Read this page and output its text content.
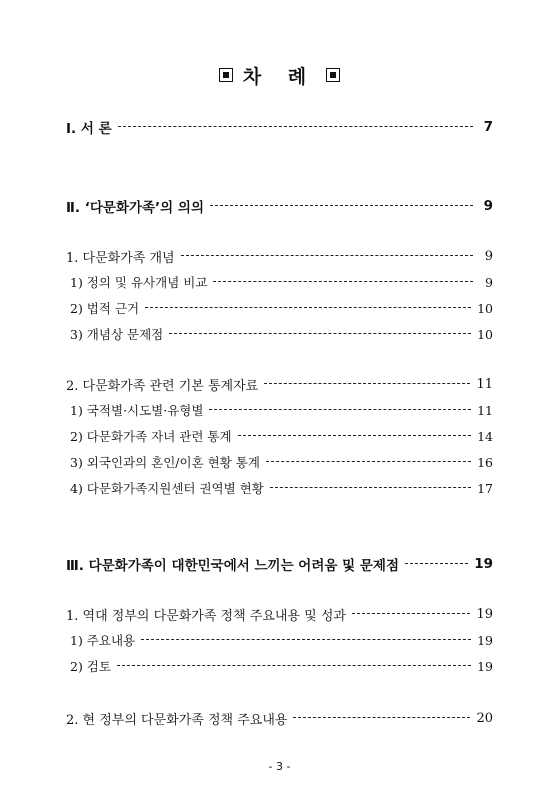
차 례
Ⅰ. 서 론	7
Ⅱ. ‘다문화가족’의 의의	9
1. 다문화가족 개념	9
1) 정의 및 유사개념 비교	9
2) 법적 근거	10
3) 개념상 문제점	10
2. 다문화가족 관련 기본 통계자료	11
1) 국적별·시도별·유형별	11
2) 다문화가족 자녀 관련 통계	14
3) 외국인과의 혼인/이혼 현황 통계	16
4) 다문화가족지원센터 권역별 현황	17
Ⅲ. 다문화가족이 대한민국에서 느끼는 어려움 및 문제점	19
1. 역대 정부의 다문화가족 정책 주요내용 및 성과	19
1) 주요내용	19
2) 검토	19
2. 현 정부의 다문화가족 정책 주요내용	20
- 3 -
